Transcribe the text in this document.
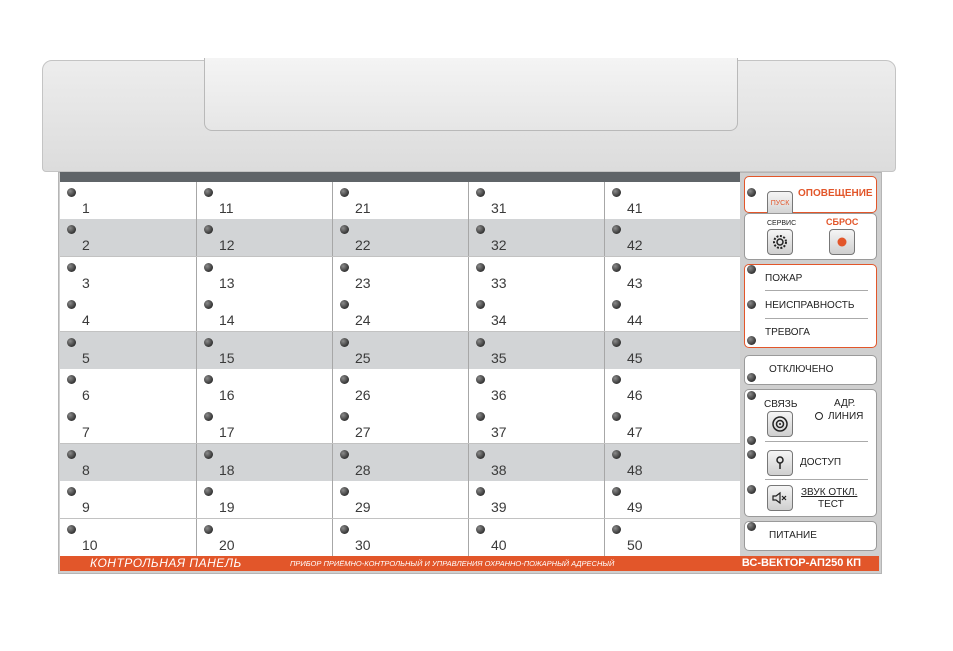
1	11	21	31	41
2	12	22	32	42
3	13	23	33	43
4	14	24	34	44
5	15	25	35	45
6	16	26	36	46
7	17	27	37	47
8	18	28	38	48
9	19	29	39	49
10	20	30	40	50
КОНТРОЛЬНАЯ ПАНЕЛЬ	ПРИБОР ПРИЁМНО-КОНТРОЛЬНЫЙ И УПРАВЛЕНИЯ ОХРАННО-ПОЖАРНЫЙ АДРЕСНЫЙ	ВС-ВЕКТОР-АП250 КП
ПУСК
ОПОВЕЩЕНИЕ
СЕРВИС	СБРОС
ПОЖАР
НЕИСПРАВНОСТЬ
ТРЕВОГА
ОТКЛЮЧЕНО
СВЯЗЬ	АДР.
ЛИНИЯ
ДОСТУП
ЗВУК ОТКЛ.
ТЕСТ
ПИТАНИЕ
